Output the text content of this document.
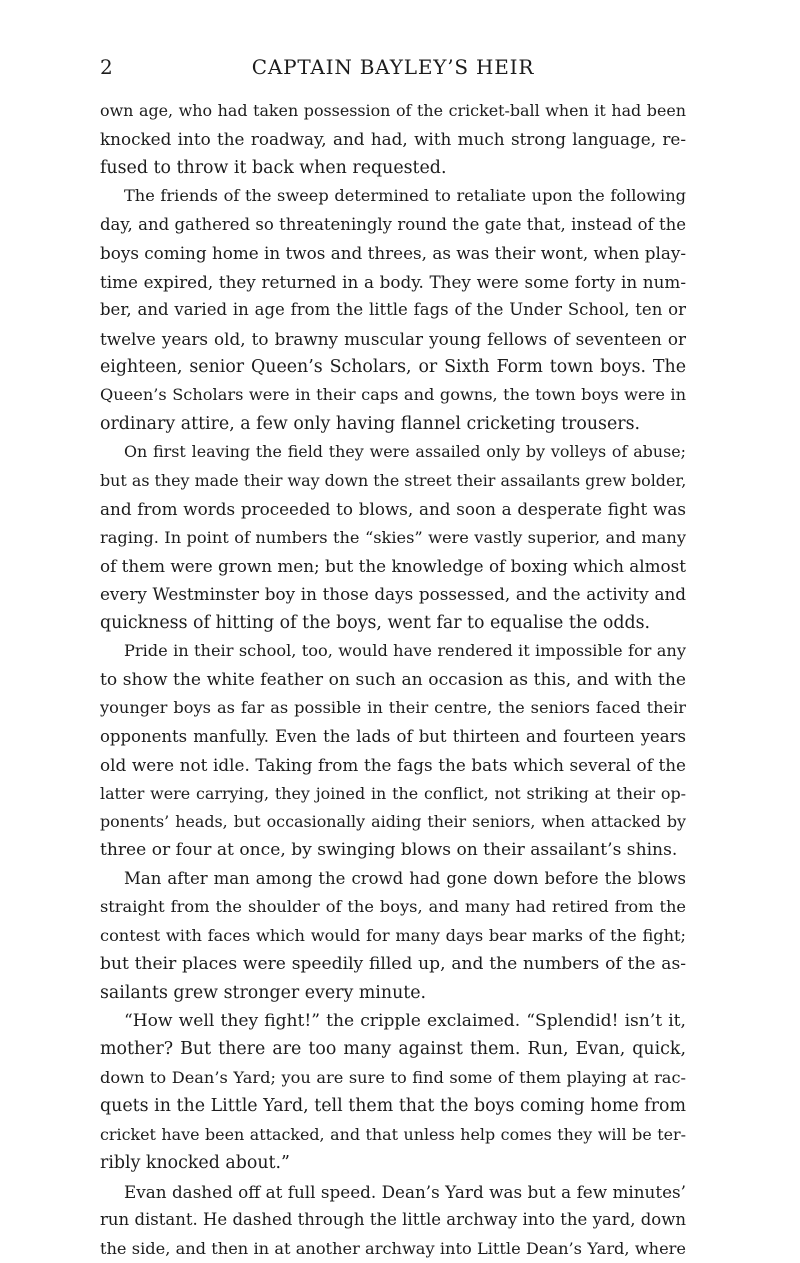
2	CAPTAIN BAYLEY’S HEIR
own age, who had taken possession of the cricket-ball when it had been
knocked into the roadway, and had, with much strong language, re-
fused to throw it back when requested.
The friends of the sweep determined to retaliate upon the following
day, and gathered so threateningly round the gate that, instead of the
boys coming home in twos and threes, as was their wont, when play-
time expired, they returned in a body. They were some forty in num-
ber, and varied in age from the little fags of the Under School, ten or
twelve years old, to brawny muscular young fellows of seventeen or
eighteen, senior Queen’s Scholars, or Sixth Form town boys. The
Queen’s Scholars were in their caps and gowns, the town boys were in
ordinary attire, a few only having flannel cricketing trousers.
On first leaving the field they were assailed only by volleys of abuse;
but as they made their way down the street their assailants grew bolder,
and from words proceeded to blows, and soon a desperate fight was
raging. In point of numbers the “skies” were vastly superior, and many
of them were grown men; but the knowledge of boxing which almost
every Westminster boy in those days possessed, and the activity and
quickness of hitting of the boys, went far to equalise the odds.
Pride in their school, too, would have rendered it impossible for any
to show the white feather on such an occasion as this, and with the
younger boys as far as possible in their centre, the seniors faced their
opponents manfully. Even the lads of but thirteen and fourteen years
old were not idle. Taking from the fags the bats which several of the
latter were carrying, they joined in the conflict, not striking at their op-
ponents’ heads, but occasionally aiding their seniors, when attacked by
three or four at once, by swinging blows on their assailant’s shins.
Man after man among the crowd had gone down before the blows
straight from the shoulder of the boys, and many had retired from the
contest with faces which would for many days bear marks of the fight;
but their places were speedily filled up, and the numbers of the as-
sailants grew stronger every minute.
“How well they fight!” the cripple exclaimed. “Splendid! isn’t it,
mother? But there are too many against them. Run, Evan, quick,
down to Dean’s Yard; you are sure to find some of them playing at rac-
quets in the Little Yard, tell them that the boys coming home from
cricket have been attacked, and that unless help comes they will be ter-
ribly knocked about.”
Evan dashed off at full speed. Dean’s Yard was but a few minutes’
run distant. He dashed through the little archway into the yard, down
the side, and then in at another archway into Little Dean’s Yard, where
